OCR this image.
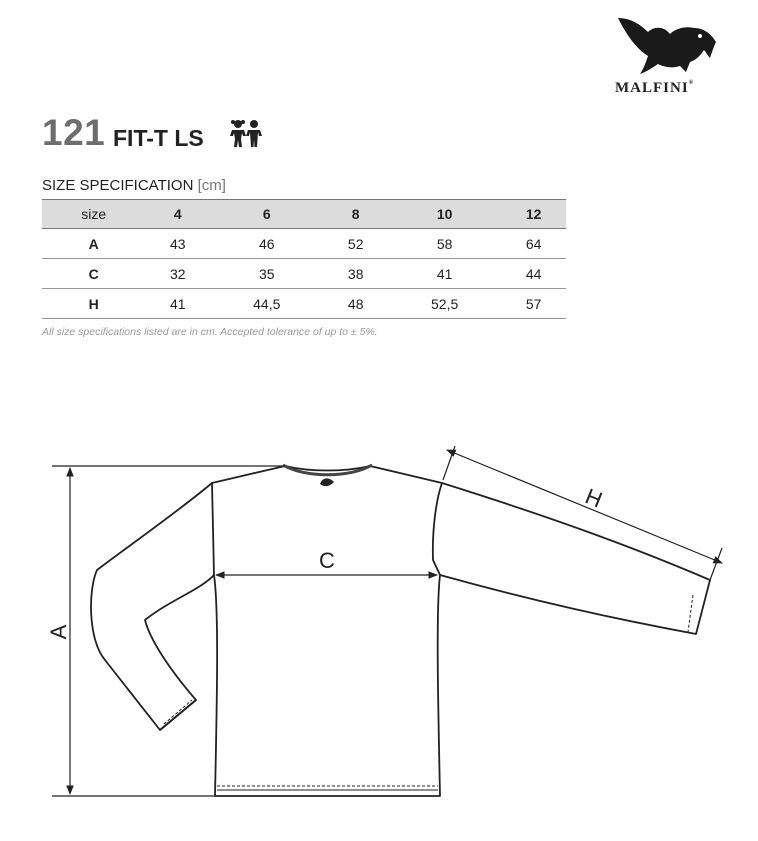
MALFINI®
121 FIT-T LS
SIZE SPECIFICATION [cm]
size	4	6	8	10	12
A	43	46	52	58	64
C	32	35	38	41	44
H	41	44,5	48	52,5	57
All size specifications listed are in cm. Accepted tolerance of up to ± 5%.
A
C
H
